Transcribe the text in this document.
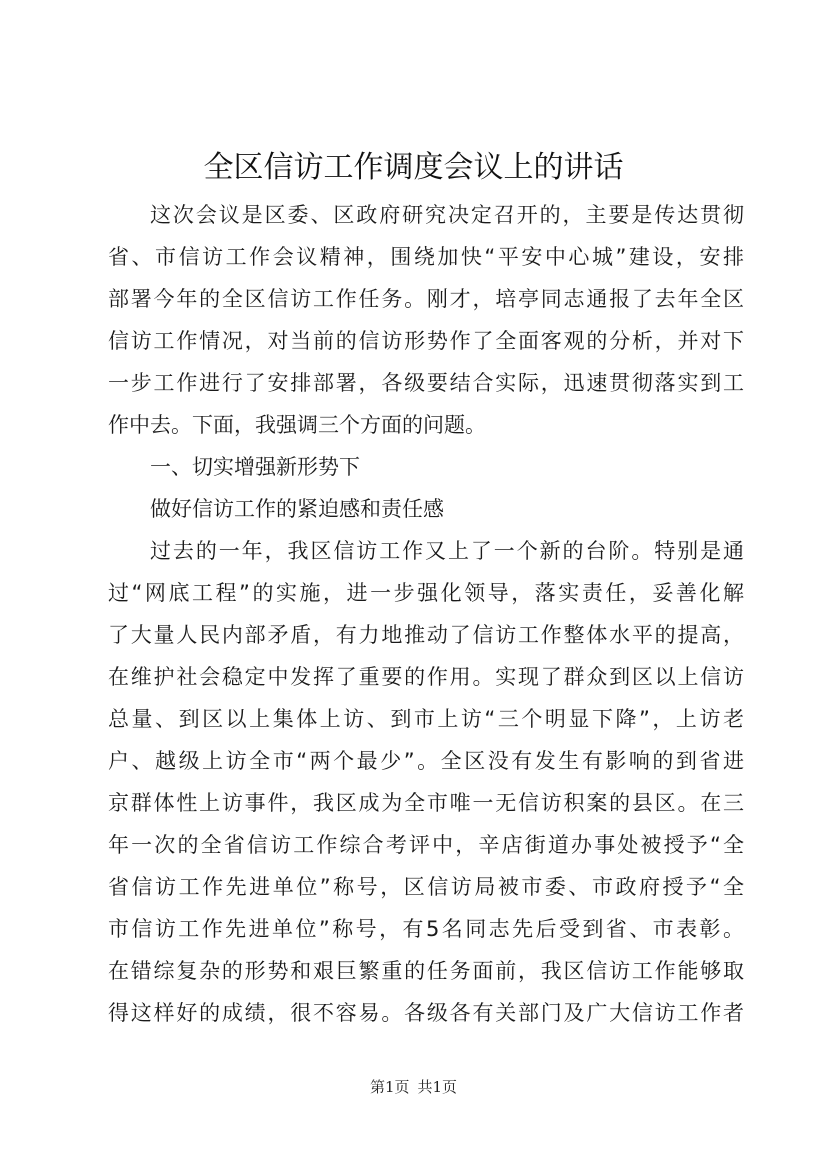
全区信访工作调度会议上的讲话
这次会议是区委、区政府研究决定召开的，主要是传达贯彻
省、市信访工作会议精神，围绕加快“平安中心城”建设，安排
部署今年的全区信访工作任务。刚才，培亭同志通报了去年全区
信访工作情况，对当前的信访形势作了全面客观的分析，并对下
一步工作进行了安排部署，各级要结合实际，迅速贯彻落实到工
作中去。下面，我强调三个方面的问题。
一、切实增强新形势下
做好信访工作的紧迫感和责任感
过去的一年，我区信访工作又上了一个新的台阶。特别是通
过“网底工程”的实施，进一步强化领导，落实责任，妥善化解
了大量人民内部矛盾，有力地推动了信访工作整体水平的提高，
在维护社会稳定中发挥了重要的作用。实现了群众到区以上信访
总量、到区以上集体上访、到市上访“三个明显下降”，上访老
户、越级上访全市“两个最少”。全区没有发生有影响的到省进
京群体性上访事件，我区成为全市唯一无信访积案的县区。在三
年一次的全省信访工作综合考评中，辛店街道办事处被授予“全
省信访工作先进单位”称号，区信访局被市委、市政府授予“全
市信访工作先进单位”称号，有5名同志先后受到省、市表彰。
在错综复杂的形势和艰巨繁重的任务面前，我区信访工作能够取
得这样好的成绩，很不容易。各级各有关部门及广大信访工作者
第1页 共1页
